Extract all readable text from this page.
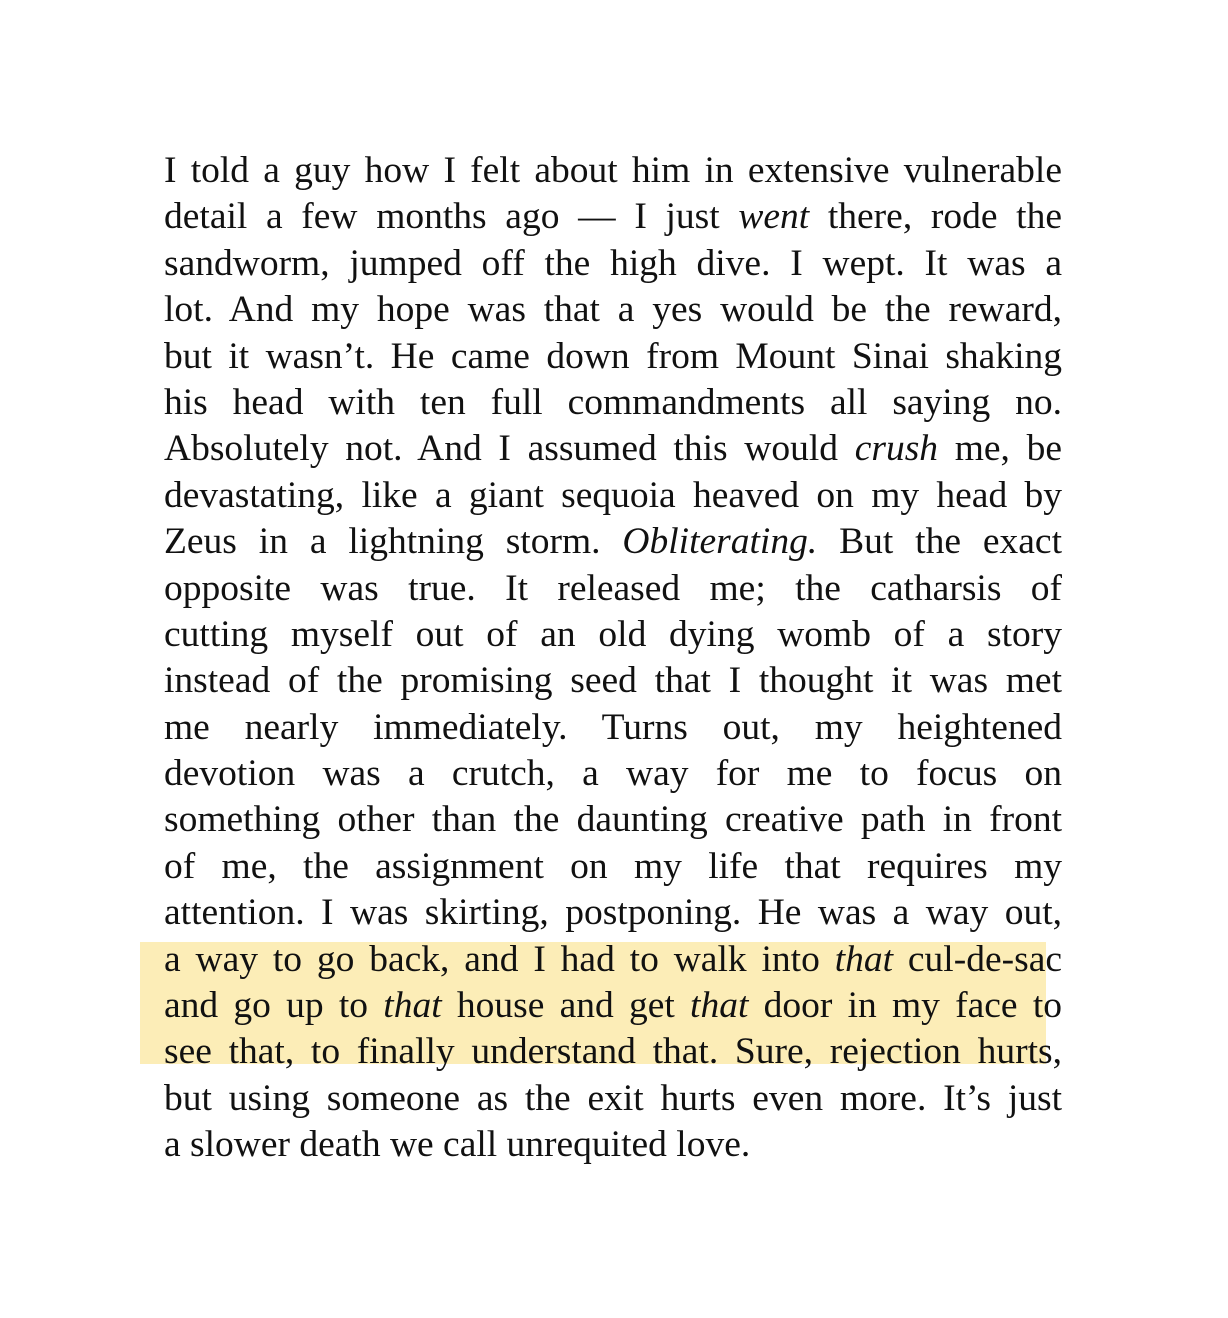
I told a guy how I felt about him in extensive vulnerable
detail a few months ago — I just went there, rode the
sandworm, jumped off the high dive. I wept. It was a
lot. And my hope was that a yes would be the reward,
but it wasn’t. He came down from Mount Sinai shaking
his head with ten full commandments all saying no.
Absolutely not. And I assumed this would crush me, be
devastating, like a giant sequoia heaved on my head by
Zeus in a lightning storm. Obliterating. But the exact
opposite was true. It released me; the catharsis of
cutting myself out of an old dying womb of a story
instead of the promising seed that I thought it was met
me nearly immediately. Turns out, my heightened
devotion was a crutch, a way for me to focus on
something other than the daunting creative path in front
of me, the assignment on my life that requires my
attention. I was skirting, postponing. He was a way out,
a way to go back, and I had to walk into that cul-de-sac
and go up to that house and get that door in my face to
see that, to finally understand that. Sure, rejection hurts,
but using someone as the exit hurts even more. It’s just
a slower death we call unrequited love.
